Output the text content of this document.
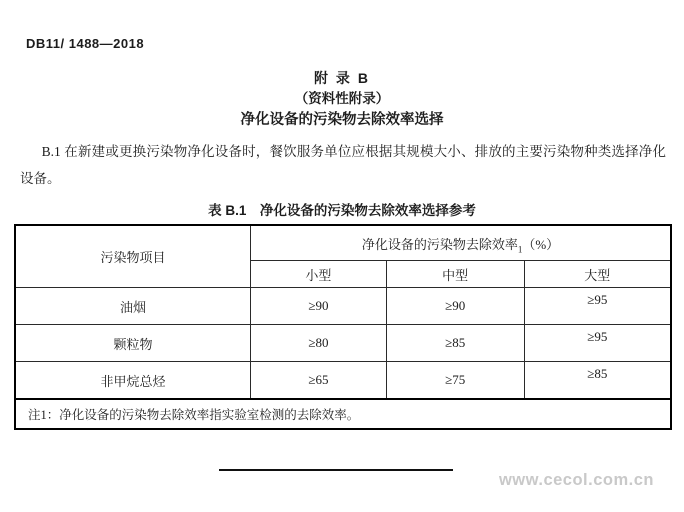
DB11/ 1488—2018
附 录 B
（资料性附录）
净化设备的污染物去除效率选择
B.1 在新建或更换污染物净化设备时，餐饮服务单位应根据其规模大小、排放的主要污染物种类选择净化设备。
表 B.1　净化设备的污染物去除效率选择参考
污染物项目	净化设备的污染物去除效率$_1$（%）		
	小型	中型	大型
油烟	≥90	≥90	≥95
颗粒物	≥80	≥85	≥95
非甲烷总烃	≥65	≥75	≥85
注1：净化设备的污染物去除效率指实验室检测的去除效率。			
www.cecol.com.cn
